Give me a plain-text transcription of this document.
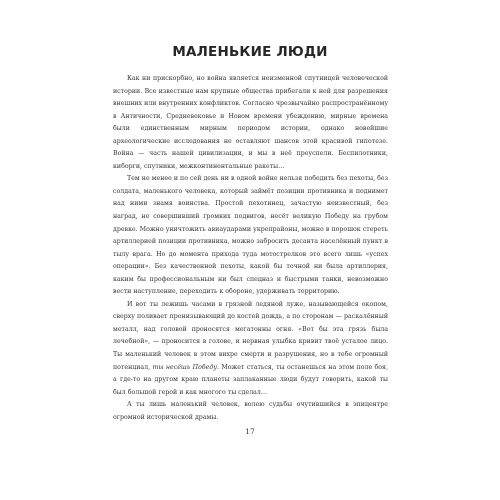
МАЛЕНЬКИЕ ЛЮДИ

Как ни прискорбно, но война является неизменной спутницей человеческой истории. Все известные нам крупные общества прибегали к ней для разрешения внешних или внутренних конфликтов. Согласно чрезвычайно распространённому в Античности, Средневековье и Новом времени убеждению, мирные времена были единственным мирным периодом истории, однако новейшие археологические исследования не оставляют шансов этой красивой гипотезе. Война — часть нашей цивилизации, и мы в неё преуспели. Беспилотники, киборги, спутники, межконтинентальные ракеты…

Тем не менее и по сей день ни в одной войне нельзя победить без пехоты, без солдата, маленького человека, который займёт позиции противника и поднимет над ними знамя воинства. Простой пехотинец, зачастую неизвестный, без наград, не совершивший громких подвигов, несёт великую Победу на грубом древке. Можно уничтожить авиаударами укрепрайоны, можно в порошок стереть артиллерией позиции противника, можно забросить десанта населённый пункт в тылу врага. Но до момента прихода туда мотострелков это всего лишь «успех операции». Без качественной пехоты, какой бы точной ни была артиллерия, каким бы профессиональным ни был спецназ и быстрыми танки, невозможно вести наступление, переходить к обороне, удерживать территорию.

И вот ты лежишь часами в грязной ледяной луже, называющейся окопом, сверху поливает пронизывающий до костей дождь, а по сторонам — раскалённый металл, над головой проносятся мегатонны огня. «Вот бы эта грязь была лечебной», — проносится в голове, и нервная улыбка кривит твоё усталое лицо. Ты маленький человек в этом вихре смерти и разрушения, но в тебе огромный потенциал, ты несёшь Победу. Может статься, ты останешься на этом поле боя, а где-то на другом краю планеты заплаканные люди будут говорить, какой ты был большой герой и как многого ты сделал…

А ты лишь маленький человек, волею судьбы очутившийся в эпицентре огромной исторической драмы.

17
